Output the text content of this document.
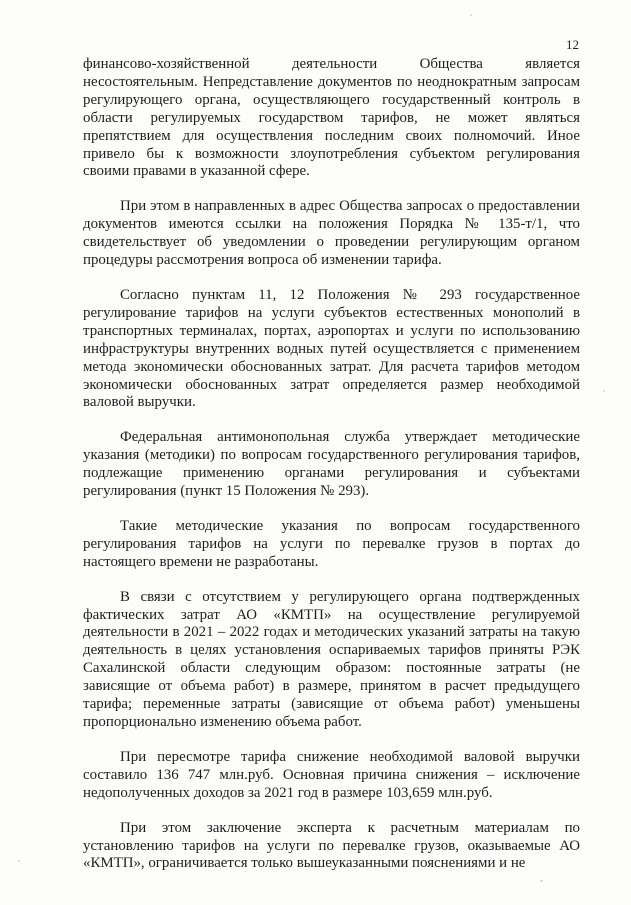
12

финансово-хозяйственной деятельности Общества является несостоятельным. Непредставление документов по неоднократным запросам регулирующего органа, осуществляющего государственный контроль в области регулируемых государством тарифов, не может являться препятствием для осуществления последним своих полномочий. Иное привело бы к возможности злоупотребления субъектом регулирования своими правами в указанной сфере.

При этом в направленных в адрес Общества запросах о предоставлении документов имеются ссылки на положения Порядка № 135-т/1, что свидетельствует об уведомлении о проведении регулирующим органом процедуры рассмотрения вопроса об изменении тарифа.

Согласно пунктам 11, 12 Положения № 293 государственное регулирование тарифов на услуги субъектов естественных монополий в транспортных терминалах, портах, аэропортах и услуги по использованию инфраструктуры внутренних водных путей осуществляется с применением метода экономически обоснованных затрат. Для расчета тарифов методом экономически обоснованных затрат определяется размер необходимой валовой выручки.

Федеральная антимонопольная служба утверждает методические указания (методики) по вопросам государственного регулирования тарифов, подлежащие применению органами регулирования и субъектами регулирования (пункт 15 Положения № 293).

Такие методические указания по вопросам государственного регулирования тарифов на услуги по перевалке грузов в портах до настоящего времени не разработаны.

В связи с отсутствием у регулирующего органа подтвержденных фактических затрат АО «КМТП» на осуществление регулируемой деятельности в 2021 – 2022 годах и методических указаний затраты на такую деятельность в целях установления оспариваемых тарифов приняты РЭК Сахалинской области следующим образом: постоянные затраты (не зависящие от объема работ) в размере, принятом в расчет предыдущего тарифа; переменные затраты (зависящие от объема работ) уменьшены пропорционально изменению объема работ.

При пересмотре тарифа снижение необходимой валовой выручки составило 136 747 млн.руб. Основная причина снижения – исключение недополученных доходов за 2021 год в размере 103,659 млн.руб.

При этом заключение эксперта к расчетным материалам по установлению тарифов на услуги по перевалке грузов, оказываемые АО «КМТП», ограничивается только вышеуказанными пояснениями и не
